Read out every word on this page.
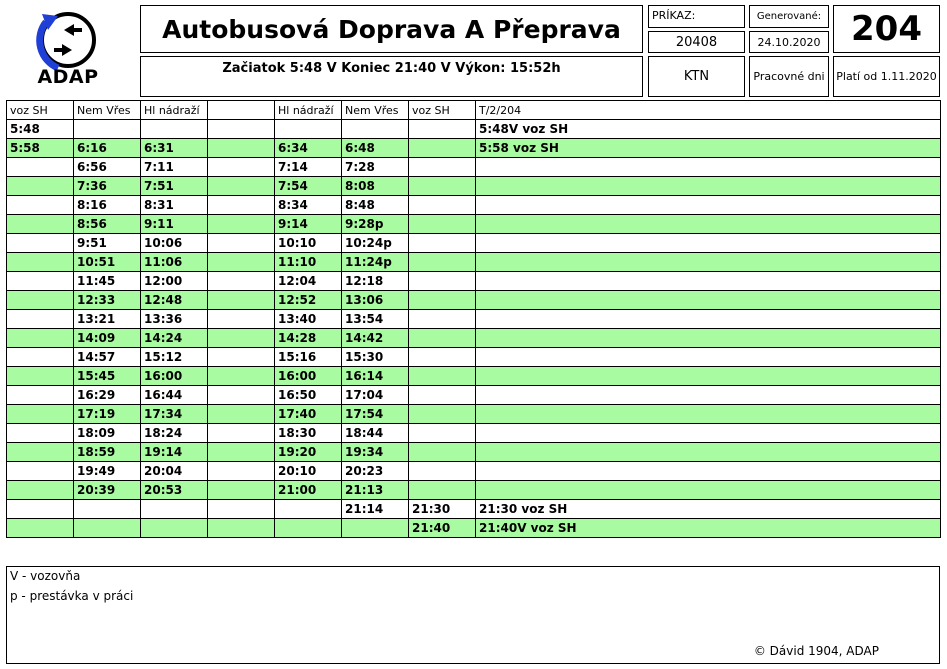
ADAP
Autobusová Doprava A Přeprava
Začiatok 5:48 V Koniec 21:40 V Výkon: 15:52h
PRÍKAZ:
20408
Generované:
24.10.2020 204
KTN	Pracovné dni	Platí od 1.11.2020
voz SH	Nem Vřes	Hl nádraží		Hl nádraží	Nem Vřes	voz SH	T/2/204
5:48							5:48V voz SH
5:58	6:16	6:31		6:34	6:48		5:58 voz SH
	6:56	7:11		7:14	7:28		
	7:36	7:51		7:54	8:08		
	8:16	8:31		8:34	8:48		
	8:56	9:11		9:14	9:28p		
	9:51	10:06		10:10	10:24p		
	10:51	11:06		11:10	11:24p		
	11:45	12:00		12:04	12:18		
	12:33	12:48		12:52	13:06		
	13:21	13:36		13:40	13:54		
	14:09	14:24		14:28	14:42		
	14:57	15:12		15:16	15:30		
	15:45	16:00		16:00	16:14		
	16:29	16:44		16:50	17:04		
	17:19	17:34		17:40	17:54		
	18:09	18:24		18:30	18:44		
	18:59	19:14		19:20	19:34		
	19:49	20:04		20:10	20:23		
	20:39	20:53		21:00	21:13		
					21:14	21:30	21:30 voz SH
						21:40	21:40V voz SH
V - vozovňa
p - prestávka v práci
© Dávid 1904, ADAP
